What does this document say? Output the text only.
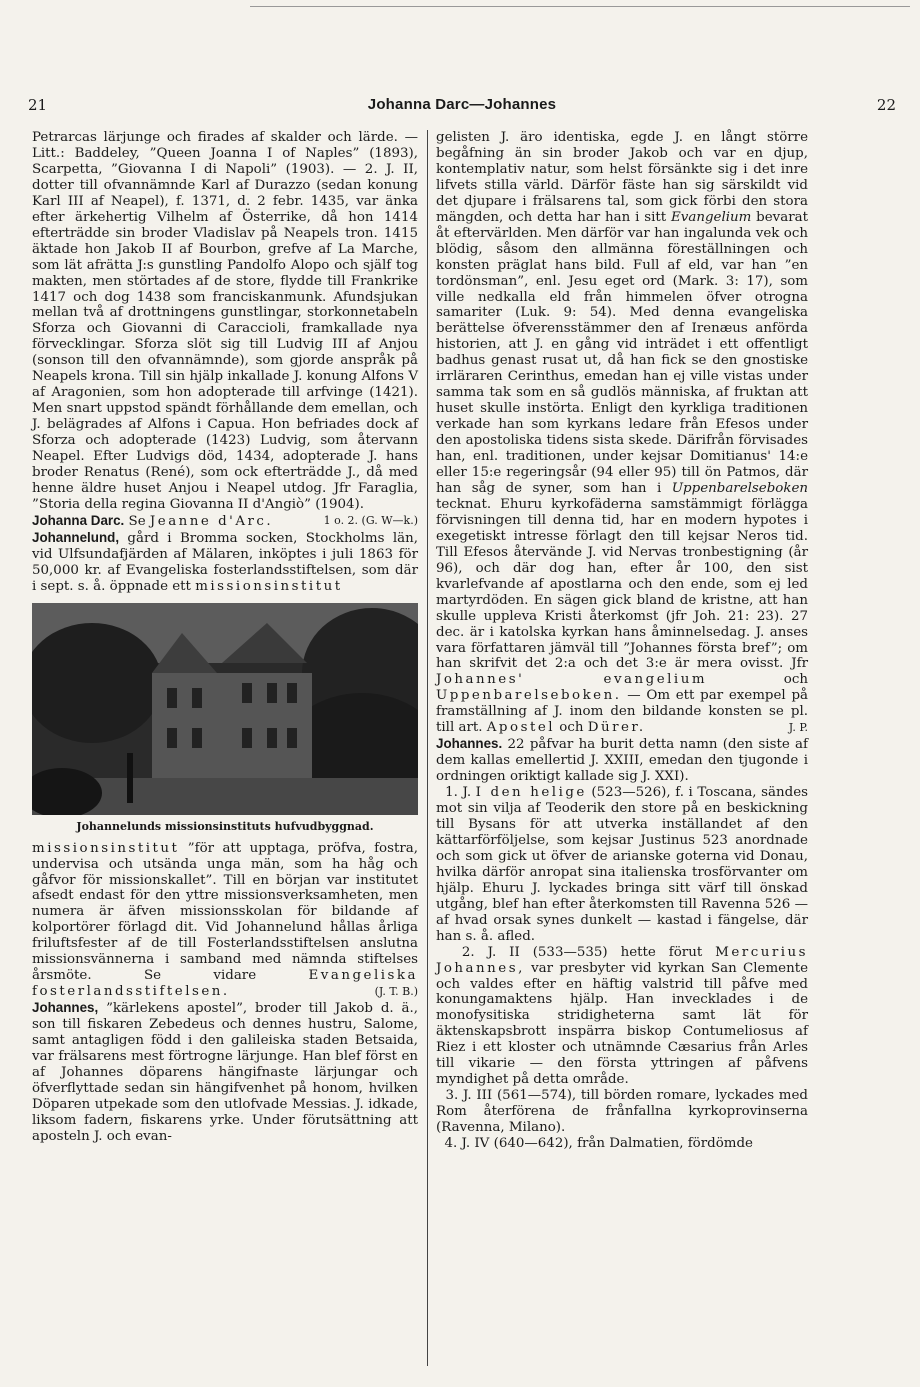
21	Johanna Darc—Johannes	22

Petrarcas lärjunge och firades af skalder och lärde. — Litt.: Baddeley, ”Queen Joanna I of Naples” (1893), Scarpetta, ”Giovanna I di Napoli” (1903). — 2. J. II, dotter till ofvannämnde Karl af Durazzo (sedan konung Karl III af Neapel), f. 1371, d. 2 febr. 1435, var änka efter ärkehertig Vilhelm af Österrike, då hon 1414 efterträdde sin broder Vladislav på Neapels tron. 1415 äktade hon Jakob II af Bourbon, grefve af La Marche, som lät afrätta J:s gunstling Pandolfo Alopo och själf tog makten, men störtades af de store, flydde till Frankrike 1417 och dog 1438 som franciskanmunk. Afundsjukan mellan två af drottningens gunstlingar, storkonnetabeln Sforza och Giovanni di Caraccioli, framkallade nya förvecklingar. Sforza slöt sig till Ludvig III af Anjou (sonson till den ofvannämnde), som gjorde anspråk på Neapels krona. Till sin hjälp inkallade J. konung Alfons V af Aragonien, som hon adopterade till arfvinge (1421). Men snart uppstod spändt förhållande dem emellan, och J. belägrades af Alfons i Capua. Hon befriades dock af Sforza och adopterade (1423) Ludvig, som återvann Neapel. Efter Ludvigs död, 1434, adopterade J. hans broder Renatus (René), som ock efterträdde J., då med henne äldre huset Anjou i Neapel utdog. Jfr Faraglia, ”Storia della regina Giovanna II d'Angiò” (1904).
1 o. 2. (G. W—k.)

Johanna Darc. Se Jeanne d'Arc.

Johannelund, gård i Bromma socken, Stockholms län, vid Ulfsundafjärden af Mälaren, inköptes i juli 1863 för 50,000 kr. af Evangeliska fosterlandsstiftelsen, som där i sept. s. å. öppnade ett missionsinstitut

Johannelunds missionsinstituts hufvudbyggnad.

missionsinstitut ”för att upptaga, pröfva, fostra, undervisa och utsända unga män, som ha håg och gåfvor för missionskallet”. Till en början var institutet afsedt endast för den yttre missionsverksamheten, men numera är äfven missionsskolan för bildande af kolportörer förlagd dit. Vid Johannelund hållas årliga friluftsfester af de till Fosterlandsstiftelsen anslutna missionsvännerna i samband med nämnda stiftelses årsmöte. Se vidare Evangeliska fosterlandsstiftelsen.	(J. T. B.)

Johannes, ”kärlekens apostel”, broder till Jakob d. ä., son till fiskaren Zebedeus och dennes hustru, Salome, samt antagligen född i den galileiska staden Betsaida, var frälsarens mest förtrogne lärjunge. Han blef först en af Johannes döparens hängifnaste lärjungar och öfverflyttade sedan sin hängifvenhet på honom, hvilken Döparen utpekade som den utlofvade Messias. J. idkade, liksom fadern, fiskarens yrke. Under förutsättning att aposteln J. och evan-

gelisten J. äro identiska, egde J. en långt större begåfning än sin broder Jakob och var en djup, kontemplativ natur, som helst försänkte sig i det inre lifvets stilla värld. Därför fäste han sig särskildt vid det djupare i frälsarens tal, som gick förbi den stora mängden, och detta har han i sitt Evangelium bevarat åt eftervärlden. Men därför var han ingalunda vek och blödig, såsom den allmänna föreställningen och konsten präglat hans bild. Full af eld, var han ”en tordönsman”, enl. Jesu eget ord (Mark. 3: 17), som ville nedkalla eld från himmelen öfver otrogna samariter (Luk. 9: 54). Med denna evangeliska berättelse öfverensstämmer den af Irenæus anförda historien, att J. en gång vid inträdet i ett offentligt badhus genast rusat ut, då han fick se den gnostiske irrläraren Cerinthus, emedan han ej ville vistas under samma tak som en så gudlös människa, af fruktan att huset skulle instörta. Enligt den kyrkliga traditionen verkade han som kyrkans ledare från Efesos under den apostoliska tidens sista skede. Därifrån förvisades han, enl. traditionen, under kejsar Domitianus' 14:e eller 15:e regeringsår (94 eller 95) till ön Patmos, där han såg de syner, som han i Uppenbarelseboken tecknat. Ehuru kyrkofäderna samstämmigt förlägga förvisningen till denna tid, har en modern hypotes i exegetiskt intresse förlagt den till kejsar Neros tid. Till Efesos återvände J. vid Nervas tronbestigning (år 96), och där dog han, efter år 100, den sist kvarlefvande af apostlarna och den ende, som ej led martyrdöden. En sägen gick bland de kristne, att han skulle uppleva Kristi återkomst (jfr Joh. 21: 23). 27 dec. är i katolska kyrkan hans åminnelsedag. J. anses vara författaren jämväl till ”Johannes första bref”; om han skrifvit det 2:a och det 3:e är mera ovisst. Jfr Johannes' evangelium och Uppenbarelseboken. — Om ett par exempel på framställning af J. inom den bildande konsten se pl. till art. Apostel och Dürer.	J. P.

Johannes. 22 påfvar ha burit detta namn (den siste af dem kallas emellertid J. XXIII, emedan den tjugonde i ordningen oriktigt kallade sig J. XXI).

1. J. I den helige (523—526), f. i Toscana, sändes mot sin vilja af Teoderik den store på en beskickning till Bysans för att utverka inställandet af den kättarförföljelse, som kejsar Justinus 523 anordnade och som gick ut öfver de arianske goterna vid Donau, hvilka därför anropat sina italienska trosförvanter om hjälp. Ehuru J. lyckades bringa sitt värf till önskad utgång, blef han efter återkomsten till Ravenna 526 — af hvad orsak synes dunkelt — kastad i fängelse, där han s. å. afled.

2. J. II (533—535) hette förut Mercurius Johannes, var presbyter vid kyrkan San Clemente och valdes efter en häftig valstrid till påfve med konungamaktens hjälp. Han invecklades i de monofysitiska stridigheterna samt lät för äktenskapsbrott inspärra biskop Contumeliosus af Riez i ett kloster och utnämnde Cæsarius från Arles till vikarie — den första yttringen af påfvens myndighet på detta område.

3. J. III (561—574), till börden romare, lyckades med Rom återförena de frånfallna kyrkoprovinserna (Ravenna, Milano).

4. J. IV (640—642), från Dalmatien, fördömde
